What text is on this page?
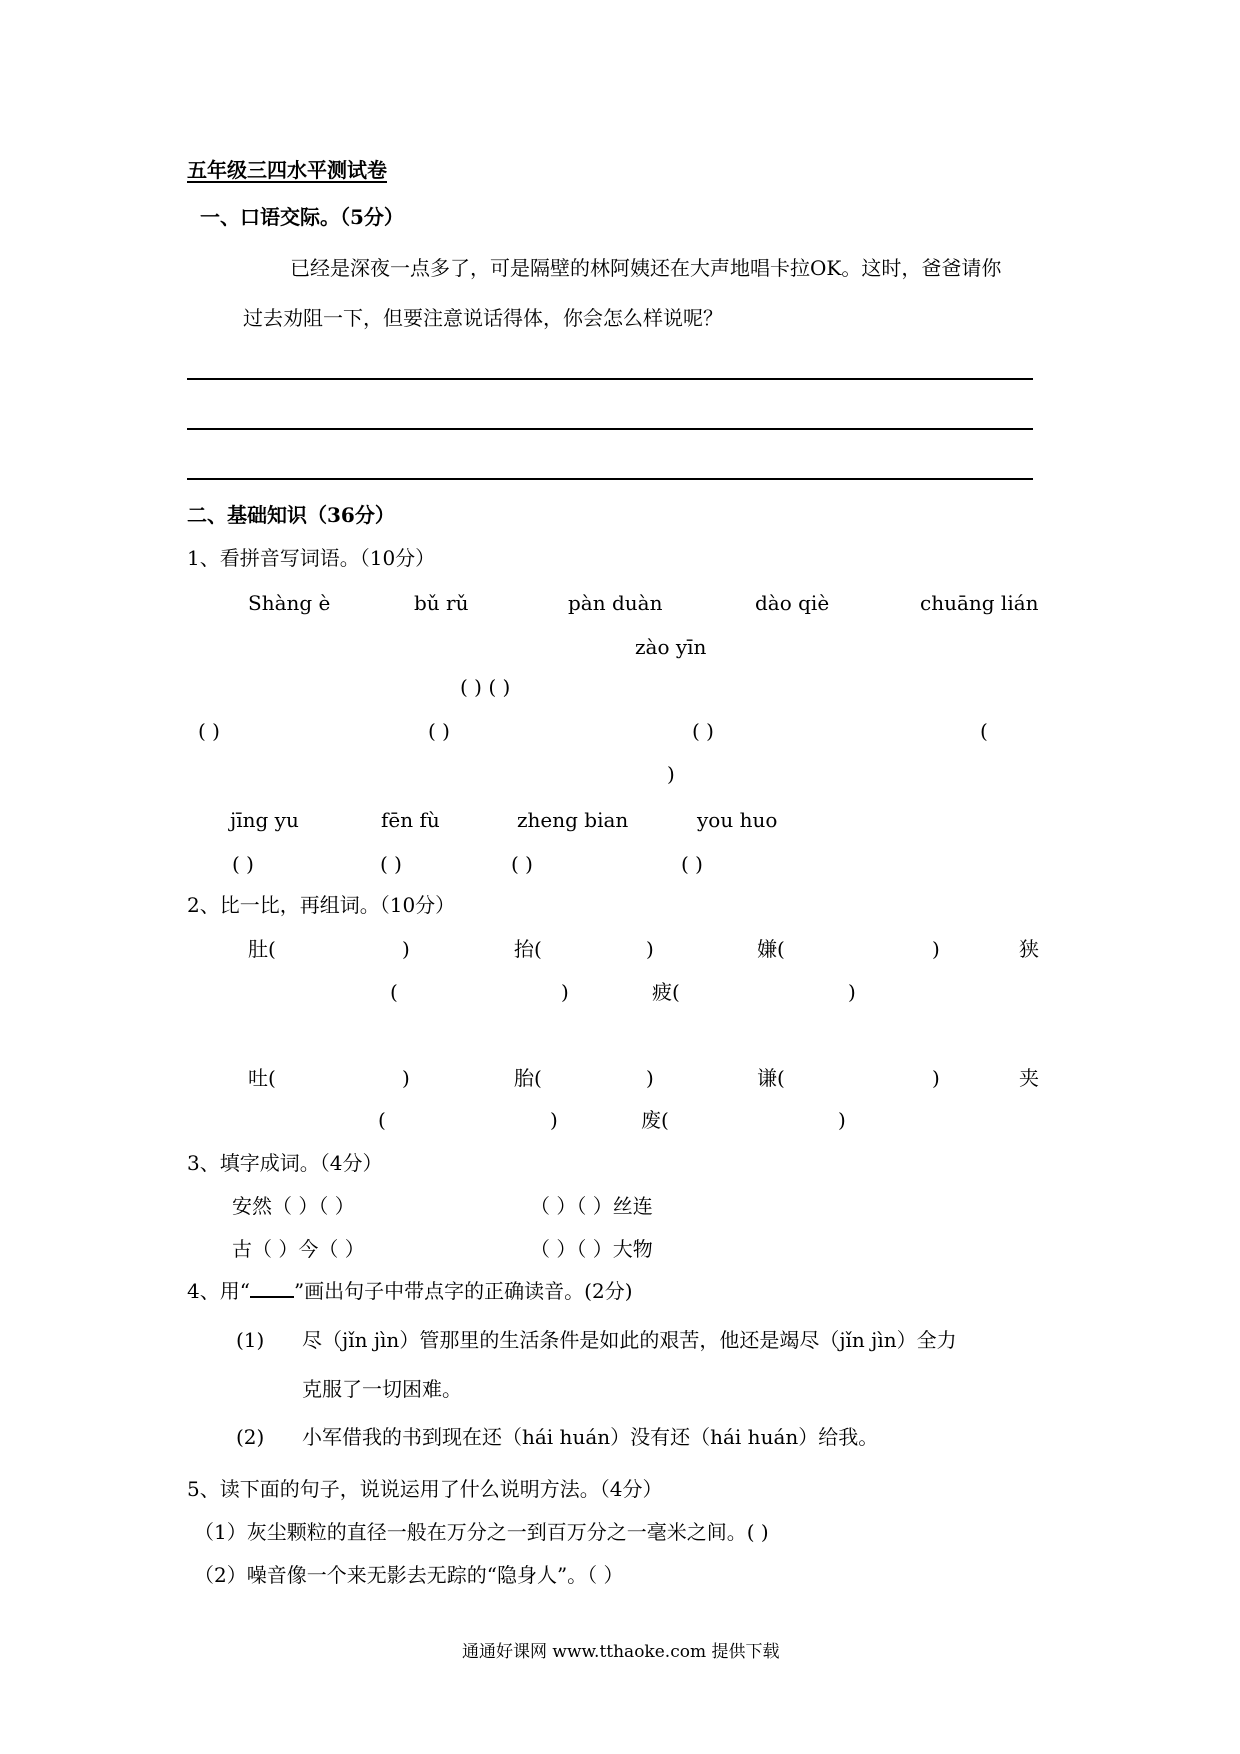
五年级三四水平测试卷
一、口语交际。（5分）
已经是深夜一点多了，可是隔壁的林阿姨还在大声地唱卡拉OK。这时，爸爸请你
过去劝阻一下，但要注意说话得体，你会怎么样说呢？
二、基础知识（36分）
1、看拼音写词语。（10分）
Shàng è	bǔ rǔ	pàn duàn	dào qiè	chuāng lián
zào yīn
( ) ( )
( )	( )	( )	(
)
jīng yu	fēn fù	zheng bian	you huo
( )	( )	( )	( )
2、比一比，再组词。（10分）
肚(	)	抬(	)	嫌(	)	狭
(	)	疲(	)
吐(	)	胎(	)	谦(	)	夹
(	)	废(	)
3、填字成词。（4分）
安然（ ）（ ）	（ ）（ ）丝连
古（ ）今（ ）	（ ）（ ）大物
4、用“ ”画出句子中带点字的正确读音。(2分)
(1) 尽（jǐn jìn）管那里的生活条件是如此的艰苦，他还是竭尽（jǐn jìn）全力
克服了一切困难。
(2) 小军借我的书到现在还（hái huán）没有还（hái huán）给我。
5、读下面的句子，说说运用了什么说明方法。（4分）
（1）灰尘颗粒的直径一般在万分之一到百万分之一毫米之间。( )
（2）噪音像一个来无影去无踪的“隐身人”。（ ）
通通好课网 www.tthaoke.com 提供下载
